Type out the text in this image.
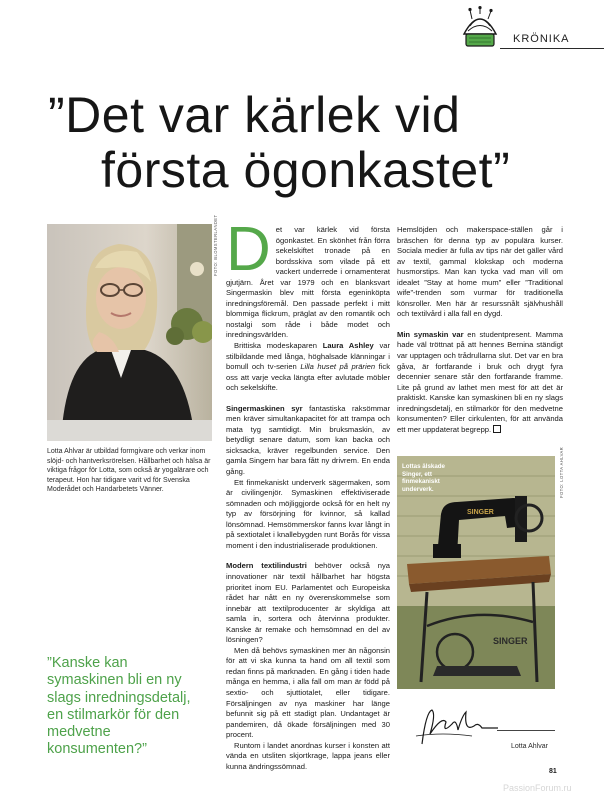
KRÖNIKA
”Det var kärlek vid
första ögonkastet”
FOTO: BLOMSTERLANDET
Lotta Ahlvar är utbildad formgivare och verkar inom slöjd- och hantverksrörelsen. Hållbarhet och hälsa är viktiga frågor för Lotta, som också är yogalärare och terapeut. Hon har tidigare varit vd för Svenska Moderådet och Handarbetets Vänner.
”Kanske kan symaskinen bli en ny slags inredningsdetalj, en stilmarkör för den medvetne konsumenten?”

Det var kärlek vid första ögonkastet. En skönhet från förra sekelskiftet tronade på en bordsskiva som vilade på ett vackert underrede i ornamenterat gjutjärn. Året var 1979 och en blanksvart Singermaskin blev mitt första egeninköpta inredningsföremål. Den passade perfekt i mitt blommiga flickrum, präglat av den romantik och nostalgi som råde i både modet och inredningsvärlden.

Brittiska modeskaparen Laura Ashley var stilbildande med långa, höghalsade klänningar i bomull och tv-serien Lilla huset på prärien fick oss att varje vecka längta efter avlutade möbler och sekelskifte.

Singermaskinen syr fantastiska raksömmar men kräver simultankapacitet för att trampa och mata tyg samtidigt. Min bruksmaskin, av betydligt senare datum, som kan backa och sicksacka, kräver regelbunden service. Den gamla Singern har bara fått ny drivrem. En enda gång.

Ett finmekaniskt underverk sägermaken, som är civilingenjör. Symaskinen effektiviserade sömnaden och möjliggjorde också för en helt ny typ av försörjning för kvinnor, så kallad lönsömnad. Hemsömmerskor fanns kvar långt in på sextiotalet i knallebygden runt Borås för vissa moment i den industrialiserade produktionen.

Modern textilindustri behöver också nya innovationer när textil hållbarhet har högsta prioritet inom EU. Parlamentet och Europeiska rådet har nått en ny överenskommelse som innebär att textilproducenter är skyldiga att samla in, sortera och återvinna produkter. Kanske är remake och hemsömnad en del av lösningen?

Men då behövs symaskinen mer än någonsin för att vi ska kunna ta hand om all textil som redan finns på marknaden. En gång i tiden hade många en hemma, i alla fall om man är född på sextio- och sjuttiotalet, eller tidigare. Försäljningen av nya maskiner har länge befunnit sig på ett stadigt plan. Undantaget är pandemiren, då ökade försäljningen med 30 procent.

Runtom i landet anordnas kurser i konsten att vända en utsliten skjortkrage, lappa jeans eller kunna ändringssömnad.

Hemslöjden och makerspace-ställen går i bräschen för denna typ av populära kurser. Sociala medier är fulla av tips när det gäller vård av textil, gammal klokskap och moderna husmorstips. Man kan tycka vad man vill om idealet ”Stay at home mum” eller ”Traditional wife”-trenden som vurmar för traditionella könsroller. Men här är resurssnålt självhushåll och textilvård i alla fall en dygd.

Min symaskin var en studentpresent. Mamma hade väl tröttnat på att hennes Bernina ständigt var upptagen och trådrullarna slut. Det var en bra gåva, är fortfarande i bruk och drygt fyra decennier senare står den fortfarande framme. Lite på grund av lathet men mest för att det är praktiskt. Kanske kan symaskinen bli en ny slags inredningsdetalj, en stilmarkör för den medvetne konsumenten? Eller cirkulenten, för att använda ett mer uppdaterat begrepp.

SINGER
SINGER
Lottas älskade Singer, ett finmekaniskt underverk.	FOTO: LOTTA AHLVAR
Lotta Ahlvar
81
PassionForum.ru
